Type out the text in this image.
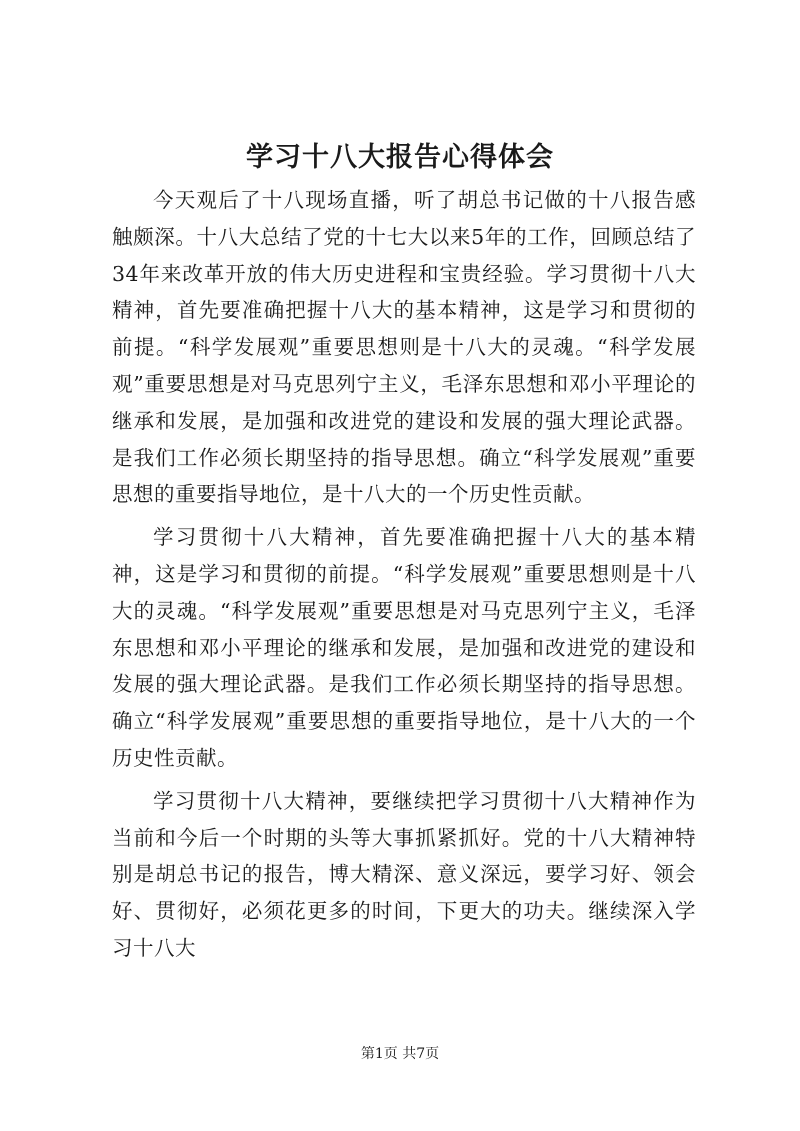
学习十八大报告心得体会

今天观后了十八现场直播，听了胡总书记做的十八报告感触颇深。十八大总结了党的十七大以来5年的工作，回顾总结了34年来改革开放的伟大历史进程和宝贵经验。学习贯彻十八大精神，首先要准确把握十八大的基本精神，这是学习和贯彻的前提。“科学发展观”重要思想则是十八大的灵魂。“科学发展观”重要思想是对马克思列宁主义，毛泽东思想和邓小平理论的继承和发展，是加强和改进党的建设和发展的强大理论武器。是我们工作必须长期坚持的指导思想。确立“科学发展观”重要思想的重要指导地位，是十八大的一个历史性贡献。

学习贯彻十八大精神，首先要准确把握十八大的基本精神，这是学习和贯彻的前提。“科学发展观”重要思想则是十八大的灵魂。“科学发展观”重要思想是对马克思列宁主义，毛泽东思想和邓小平理论的继承和发展，是加强和改进党的建设和发展的强大理论武器。是我们工作必须长期坚持的指导思想。确立“科学发展观”重要思想的重要指导地位，是十八大的一个历史性贡献。

学习贯彻十八大精神，要继续把学习贯彻十八大精神作为当前和今后一个时期的头等大事抓紧抓好。党的十八大精神特别是胡总书记的报告，博大精深、意义深远，要学习好、领会好、贯彻好，必须花更多的时间，下更大的功夫。继续深入学习十八大

第1页 共7页
